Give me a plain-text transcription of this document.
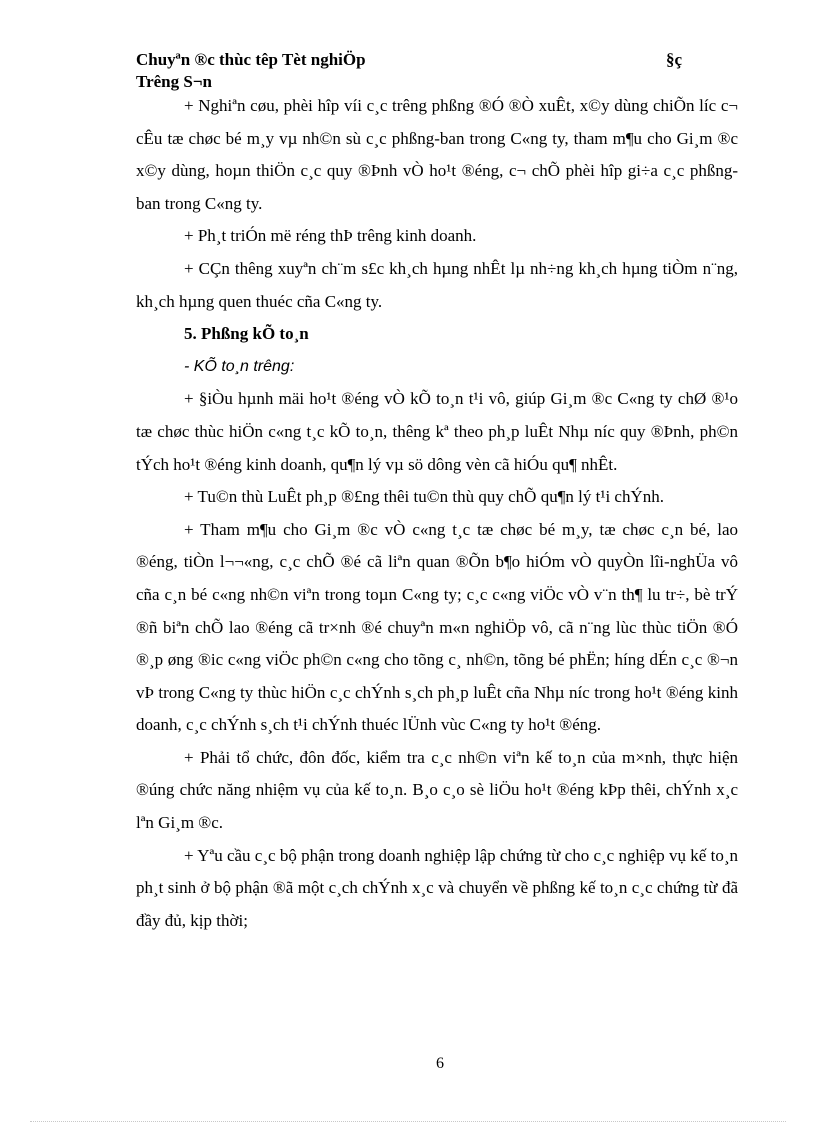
Chuyªn ®c thùc têp Tèt nghiÖp	§ç
Trêng S¬n

+ Nghiªn cøu, phèi hîp víi c¸c trêng phßng ®Ó ®Ò xuÊt, x©y dùng chiÕn líc c¬ cÊu tæ chøc bé m¸y vµ nh©n sù c¸c phßng-ban trong C«ng ty, tham m¶u cho Gi¸m ®c x©y dùng, hoµn thiÖn c¸c quy ®Þnh vÒ ho¹t ®éng, c¬ chÕ phèi hîp gi÷a c¸c phßng-ban trong C«ng ty.

+ Ph¸t triÓn më réng thÞ trêng kinh doanh.

+ CÇn thêng xuyªn ch¨m s£c kh¸ch hµng nhÊt lµ nh÷ng kh¸ch hµng tiÒm n¨ng, kh¸ch hµng quen thuéc cña C«ng ty.

5. Phßng kÕ to¸n

- KÕ to¸n trêng:

+ §iÒu hµnh mäi ho¹t ®éng vÒ kÕ to¸n t¹i vô, giúp Gi¸m ®c C«ng ty chØ ®¹o tæ chøc thùc hiÖn c«ng t¸c kÕ to¸n, thêng kª theo ph¸p luÊt Nhµ níc quy ®Þnh, ph©n tÝch ho¹t ®éng kinh doanh, qu¶n lý vµ sö dông vèn cã hiÓu qu¶ nhÊt.

+ Tu©n thù LuÊt ph¸p ®£ng thêi tu©n thù quy chÕ qu¶n lý t¹i chÝnh.

+ Tham m¶u cho Gi¸m ®c vÒ c«ng t¸c tæ chøc bé m¸y, tæ chøc c¸n bé, lao ®éng, tiÒn l¬¬«ng, c¸c chÕ ®é cã liªn quan ®Õn b¶o hiÓm vÒ quyÒn lîi-nghÜa vô cña c¸n bé c«ng nh©n viªn trong toµn C«ng ty; c¸c c«ng viÖc vÒ v¨n th¶ lu tr÷, bè trÝ ®ñ biªn chÕ lao ®éng cã tr×nh ®é chuyªn m«n nghiÖp vô, cã n¨ng lùc thùc tiÖn ®Ó ®¸p øng ®ic c«ng viÖc ph©n c«ng cho tõng c¸ nh©n, tõng bé phËn; híng dÉn c¸c ®¬n vÞ trong C«ng ty thùc hiÖn c¸c chÝnh s¸ch ph¸p luÊt cña Nhµ níc trong ho¹t ®éng kinh doanh, c¸c chÝnh s¸ch t¹i chÝnh thuéc lÜnh vùc C«ng ty ho¹t ®éng.

+ Phải tổ chức, đôn đốc, kiểm tra c¸c nh©n viªn kế to¸n của m×nh, thực hiện ®úng chức năng nhiệm vụ của kế to¸n. B¸o c¸o sè liÖu ho¹t ®éng kÞp thêi, chÝnh x¸c lªn Gi¸m ®c.

+ Yªu cầu c¸c bộ phận trong doanh nghiệp lập chứng từ cho c¸c nghiệp vụ kế to¸n ph¸t sinh ở bộ phận ®ã một c¸ch chÝnh x¸c và chuyển về phßng kế to¸n c¸c chứng từ đã đầy đủ, kịp thời;

6
